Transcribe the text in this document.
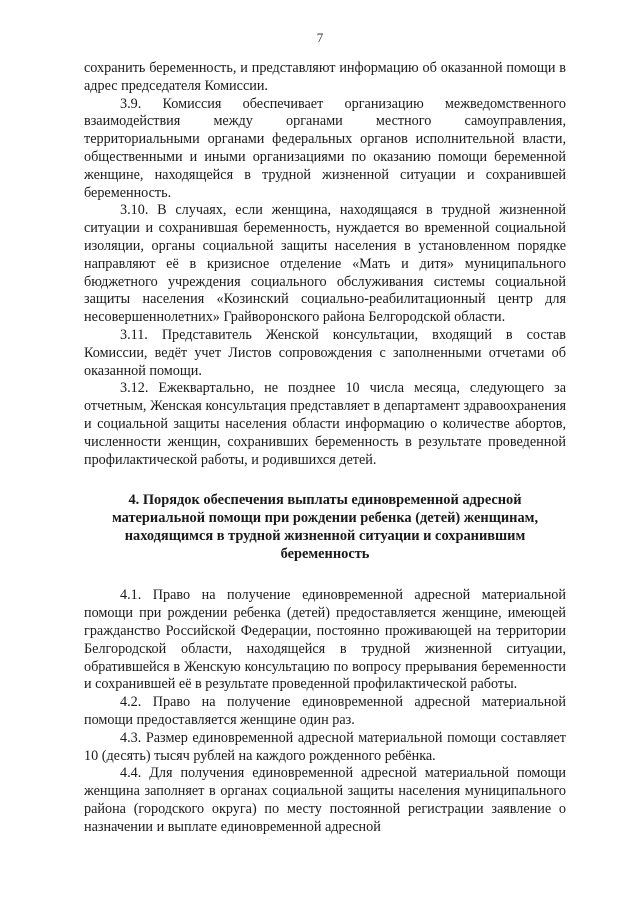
7

сохранить беременность, и представляют информацию об оказанной помощи в адрес председателя Комиссии.

3.9. Комиссия обеспечивает организацию межведомственного взаимодействия между органами местного самоуправления, территориальными органами федеральных органов исполнительной власти, общественными и иными организациями по оказанию помощи беременной женщине, находящейся в трудной жизненной ситуации и сохранившей беременность.

3.10. В случаях, если женщина, находящаяся в трудной жизненной ситуации и сохранившая беременность, нуждается во временной социальной изоляции, органы социальной защиты населения в установленном порядке направляют её в кризисное отделение «Мать и дитя» муниципального бюджетного учреждения социального обслуживания системы социальной защиты населения «Козинский социально-реабилитационный центр для несовершеннолетних» Грайворонского района Белгородской области.

3.11. Представитель Женской консультации, входящий в состав Комиссии, ведёт учет Листов сопровождения с заполненными отчетами об оказанной помощи.

3.12. Ежеквартально, не позднее 10 числа месяца, следующего за отчетным, Женская консультация представляет в департамент здравоохранения и социальной защиты населения области информацию о количестве абортов, численности женщин, сохранивших беременность в результате проведенной профилактической работы, и родившихся детей.

4. Порядок обеспечения выплаты единовременной адресной материальной помощи при рождении ребенка (детей) женщинам, находящимся в трудной жизненной ситуации и сохранившим беременность

4.1. Право на получение единовременной адресной материальной помощи при рождении ребенка (детей) предоставляется женщине, имеющей гражданство Российской Федерации, постоянно проживающей на территории Белгородской области, находящейся в трудной жизненной ситуации, обратившейся в Женскую консультацию по вопросу прерывания беременности и сохранившей её в результате проведенной профилактической работы.

4.2. Право на получение единовременной адресной материальной помощи предоставляется женщине один раз.

4.3. Размер единовременной адресной материальной помощи составляет 10 (десять) тысяч рублей на каждого рожденного ребёнка.

4.4. Для получения единовременной адресной материальной помощи женщина заполняет в органах социальной защиты населения муниципального района (городского округа) по месту постоянной регистрации заявление о назначении и выплате единовременной адресной
